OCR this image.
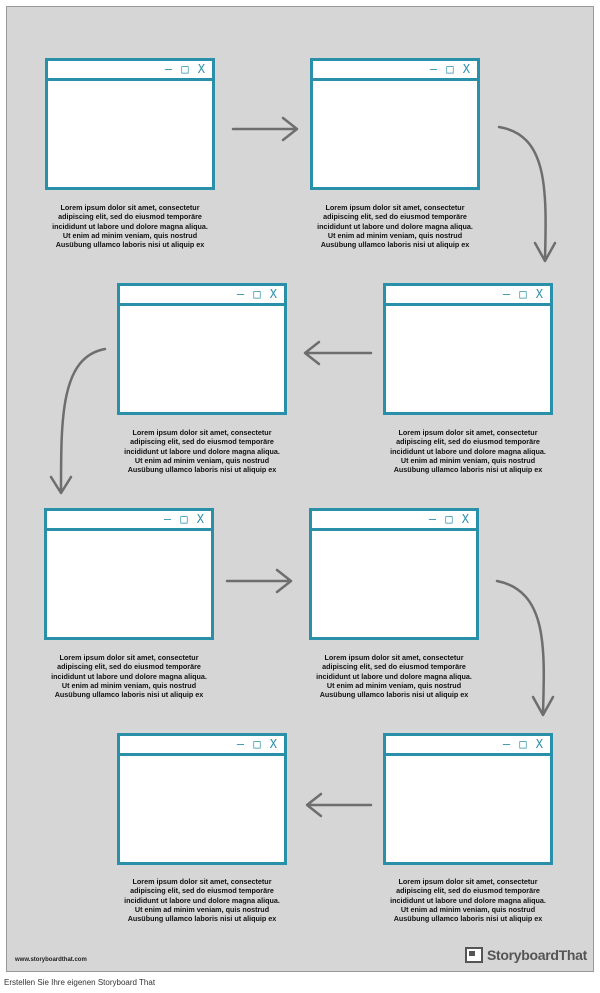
– □ X
Lorem ipsum dolor sit amet, consectetur
adipiscing elit, sed do eiusmod temporäre
incididunt ut labore und dolore magna aliqua.
Ut enim ad minim veniam, quis nostrud
Ausübung ullamco laboris nisi ut aliquip ex
– □ X
Lorem ipsum dolor sit amet, consectetur
adipiscing elit, sed do eiusmod temporäre
incididunt ut labore und dolore magna aliqua.
Ut enim ad minim veniam, quis nostrud
Ausübung ullamco laboris nisi ut aliquip ex
– □ X
Lorem ipsum dolor sit amet, consectetur
adipiscing elit, sed do eiusmod temporäre
incididunt ut labore und dolore magna aliqua.
Ut enim ad minim veniam, quis nostrud
Ausübung ullamco laboris nisi ut aliquip ex
– □ X
Lorem ipsum dolor sit amet, consectetur
adipiscing elit, sed do eiusmod temporäre
incididunt ut labore und dolore magna aliqua.
Ut enim ad minim veniam, quis nostrud
Ausübung ullamco laboris nisi ut aliquip ex
– □ X
Lorem ipsum dolor sit amet, consectetur
adipiscing elit, sed do eiusmod temporäre
incididunt ut labore und dolore magna aliqua.
Ut enim ad minim veniam, quis nostrud
Ausübung ullamco laboris nisi ut aliquip ex
– □ X
Lorem ipsum dolor sit amet, consectetur
adipiscing elit, sed do eiusmod temporäre
incididunt ut labore und dolore magna aliqua.
Ut enim ad minim veniam, quis nostrud
Ausübung ullamco laboris nisi ut aliquip ex
– □ X
Lorem ipsum dolor sit amet, consectetur
adipiscing elit, sed do eiusmod temporäre
incididunt ut labore und dolore magna aliqua.
Ut enim ad minim veniam, quis nostrud
Ausübung ullamco laboris nisi ut aliquip ex
– □ X
Lorem ipsum dolor sit amet, consectetur
adipiscing elit, sed do eiusmod temporäre
incididunt ut labore und dolore magna aliqua.
Ut enim ad minim veniam, quis nostrud
Ausübung ullamco laboris nisi ut aliquip ex
www.storyboardthat.com	StoryboardThat
Erstellen Sie Ihre eigenen Storyboard That
